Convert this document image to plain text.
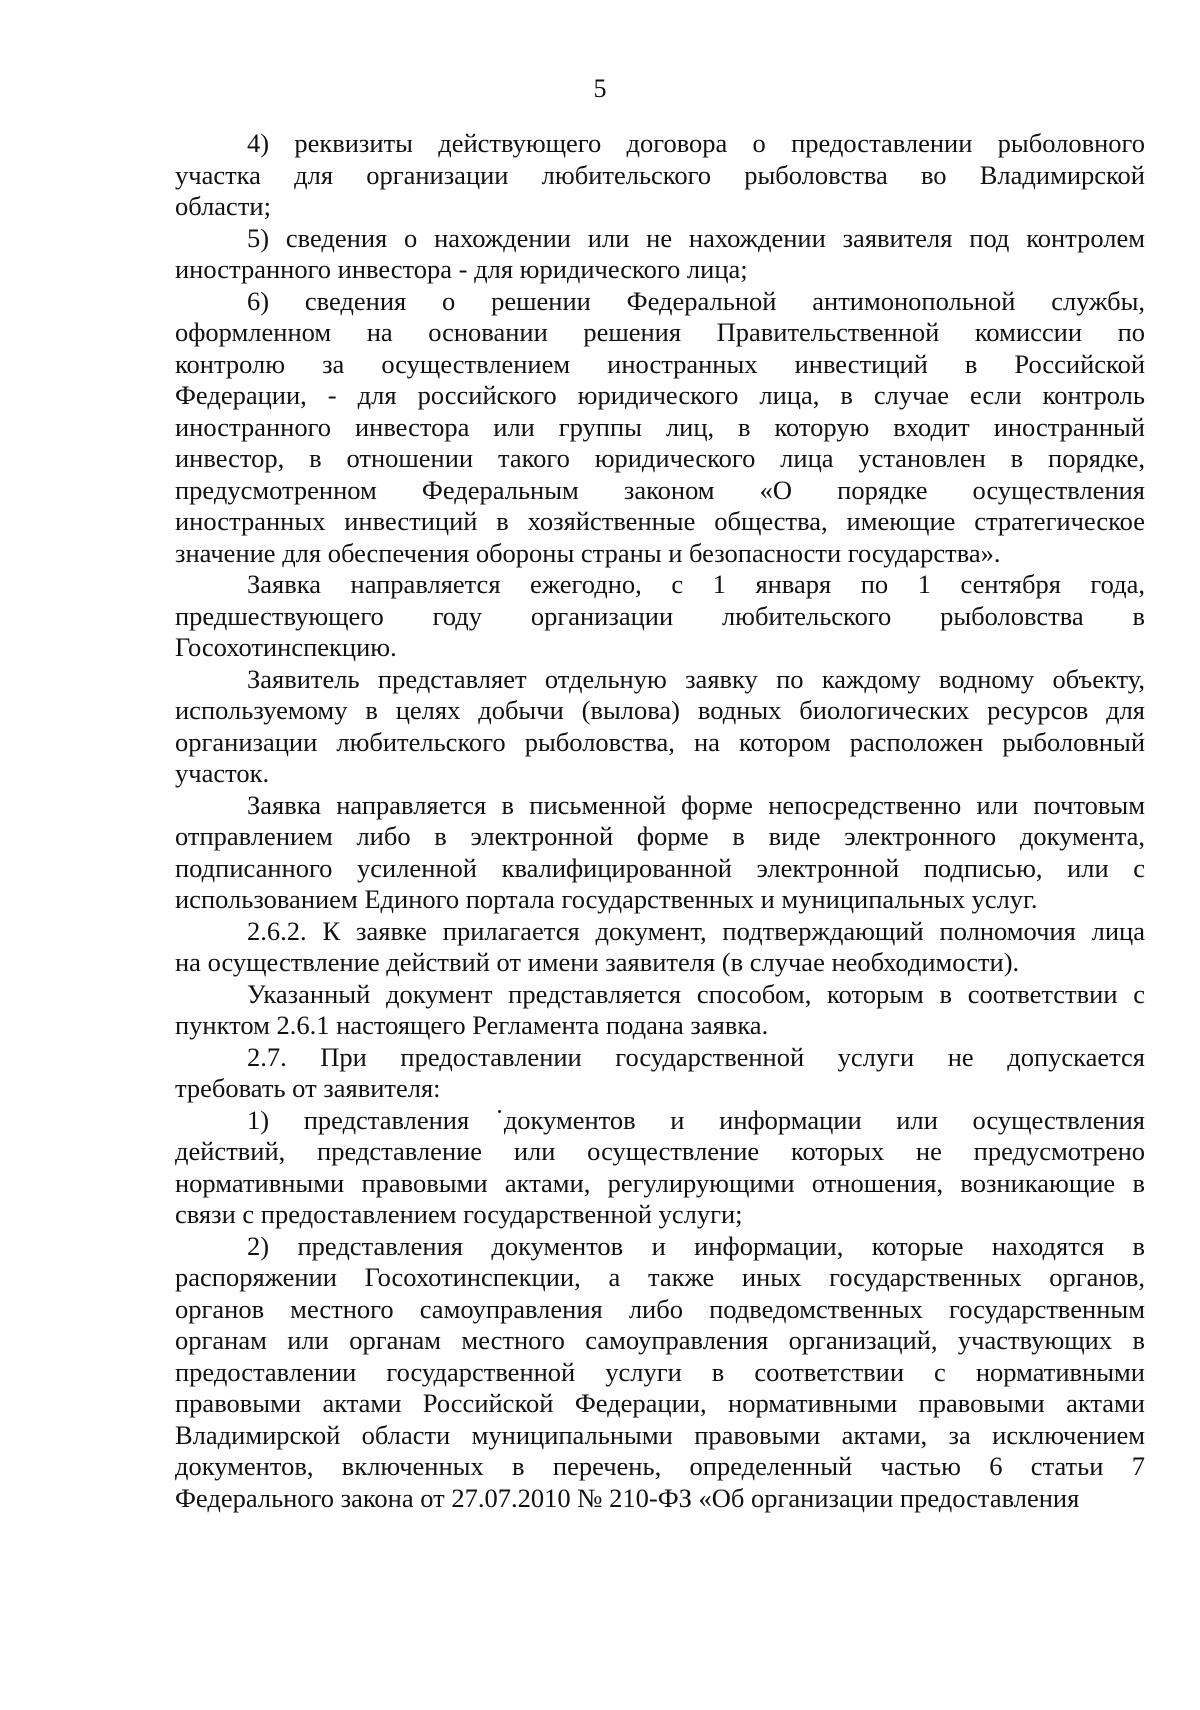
5
4) реквизиты действующего договора о предоставлении рыболовного
участка для организации любительского рыболовства во Владимирской
области;
5) сведения о нахождении или не нахождении заявителя под контролем
иностранного инвестора - для юридического лица;
6) сведения о решении Федеральной антимонопольной службы,
оформленном на основании решения Правительственной комиссии по
контролю за осуществлением иностранных инвестиций в Российской
Федерации, - для российского юридического лица, в случае если контроль
иностранного инвестора или группы лиц, в которую входит иностранный
инвестор, в отношении такого юридического лица установлен в порядке,
предусмотренном Федеральным законом «О порядке осуществления
иностранных инвестиций в хозяйственные общества, имеющие стратегическое
значение для обеспечения обороны страны и безопасности государства».
Заявка направляется ежегодно, с 1 января по 1 сентября года,
предшествующего году организации любительского рыболовства в
Госохотинспекцию.
Заявитель представляет отдельную заявку по каждому водному объекту,
используемому в целях добычи (вылова) водных биологических ресурсов для
организации любительского рыболовства, на котором расположен рыболовный
участок.
Заявка направляется в письменной форме непосредственно или почтовым
отправлением либо в электронной форме в виде электронного документа,
подписанного усиленной квалифицированной электронной подписью, или с
использованием Единого портала государственных и муниципальных услуг.
2.6.2. К заявке прилагается документ, подтверждающий полномочия лица
на осуществление действий от имени заявителя (в случае необходимости).
Указанный документ представляется способом, которым в соответствии с
пунктом 2.6.1 настоящего Регламента подана заявка.
2.7. При предоставлении государственной услуги не допускается
требовать от заявителя:
1) представления документов и информации или осуществления
действий, представление или осуществление которых не предусмотрено
нормативными правовыми актами, регулирующими отношения, возникающие в
связи с предоставлением государственной услуги;
2) представления документов и информации, которые находятся в
распоряжении Госохотинспекции, а также иных государственных органов,
органов местного самоуправления либо подведомственных государственным
органам или органам местного самоуправления организаций, участвующих в
предоставлении государственной услуги в соответствии с нормативными
правовыми актами Российской Федерации, нормативными правовыми актами
Владимирской области муниципальными правовыми актами, за исключением
документов, включенных в перечень, определенный частью 6 статьи 7
Федерального закона от 27.07.2010 № 210-ФЗ «Об организации предоставления
